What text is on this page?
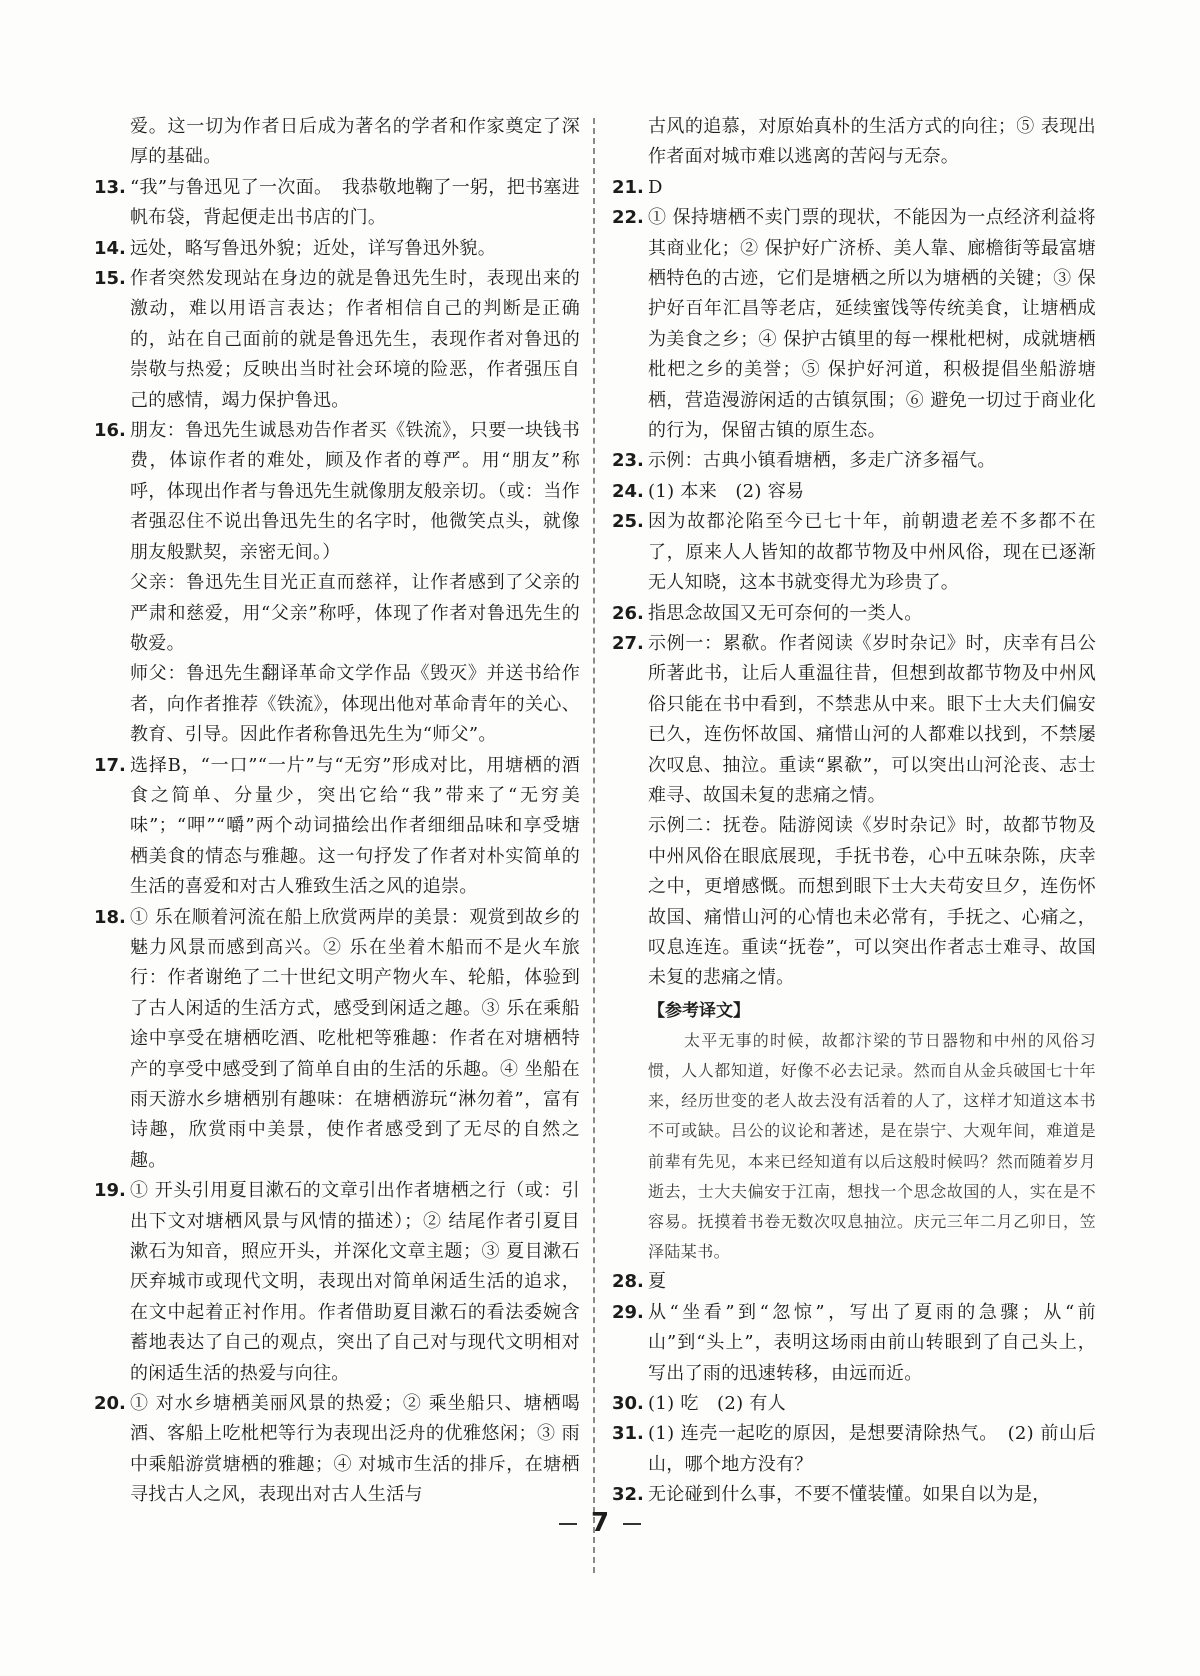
爱。这一切为作者日后成为著名的学者和作家奠定了深厚的基础。

13. “我”与鲁迅见了一次面。　我恭敬地鞠了一躬，把书塞进帆布袋，背起便走出书店的门。
14. 远处，略写鲁迅外貌；近处，详写鲁迅外貌。
15. 作者突然发现站在身边的就是鲁迅先生时，表现出来的激动，难以用语言表达；作者相信自己的判断是正确的，站在自己面前的就是鲁迅先生，表现作者对鲁迅的崇敬与热爱；反映出当时社会环境的险恶，作者强压自己的感情，竭力保护鲁迅。
16. 朋友：鲁迅先生诚恳劝告作者买《铁流》，只要一块钱书费，体谅作者的难处，顾及作者的尊严。用“朋友”称呼，体现出作者与鲁迅先生就像朋友般亲切。（或：当作者强忍住不说出鲁迅先生的名字时，他微笑点头，就像朋友般默契，亲密无间。）
父亲：鲁迅先生目光正直而慈祥，让作者感到了父亲的严肃和慈爱，用“父亲”称呼，体现了作者对鲁迅先生的敬爱。
师父：鲁迅先生翻译革命文学作品《毁灭》并送书给作者，向作者推荐《铁流》，体现出他对革命青年的关心、教育、引导。因此作者称鲁迅先生为“师父”。
17. 选择B，“一口”“一片”与“无穷”形成对比，用塘栖的酒食之简单、分量少，突出它给“我”带来了“无穷美味”；“呷”“嚼”两个动词描绘出作者细细品味和享受塘栖美食的情态与雅趣。这一句抒发了作者对朴实简单的生活的喜爱和对古人雅致生活之风的追崇。
18. ① 乐在顺着河流在船上欣赏两岸的美景：观赏到故乡的魅力风景而感到高兴。② 乐在坐着木船而不是火车旅行：作者谢绝了二十世纪文明产物火车、轮船，体验到了古人闲适的生活方式，感受到闲适之趣。③ 乐在乘船途中享受在塘栖吃酒、吃枇杷等雅趣：作者在对塘栖特产的享受中感受到了简单自由的生活的乐趣。④ 坐船在雨天游水乡塘栖别有趣味：在塘栖游玩“淋勿着”，富有诗趣，欣赏雨中美景，使作者感受到了无尽的自然之趣。
19. ① 开头引用夏目漱石的文章引出作者塘栖之行（或：引出下文对塘栖风景与风情的描述）；② 结尾作者引夏目漱石为知音，照应开头，并深化文章主题；③ 夏目漱石厌弃城市或现代文明，表现出对简单闲适生活的追求，在文中起着正衬作用。作者借助夏目漱石的看法委婉含蓄地表达了自己的观点，突出了自己对与现代文明相对的闲适生活的热爱与向往。
20. ① 对水乡塘栖美丽风景的热爱；② 乘坐船只、塘栖喝酒、客船上吃枇杷等行为表现出泛舟的优雅悠闲；③ 雨中乘船游赏塘栖的雅趣；④ 对城市生活的排斥，在塘栖寻找古人之风，表现出对古人生活与

古风的追慕，对原始真朴的生活方式的向往；⑤ 表现出作者面对城市难以逃离的苦闷与无奈。

21. D
22. ① 保持塘栖不卖门票的现状，不能因为一点经济利益将其商业化；② 保护好广济桥、美人靠、廊檐街等最富塘栖特色的古迹，它们是塘栖之所以为塘栖的关键；③ 保护好百年汇昌等老店，延续蜜饯等传统美食，让塘栖成为美食之乡；④ 保护古镇里的每一棵枇杷树，成就塘栖枇杷之乡的美誉；⑤ 保护好河道，积极提倡坐船游塘栖，营造漫游闲适的古镇氛围；⑥ 避免一切过于商业化的行为，保留古镇的原生态。
23. 示例：古典小镇看塘栖，多走广济多福气。
24. (1) 本来　(2) 容易
25. 因为故都沦陷至今已七十年，前朝遗老差不多都不在了，原来人人皆知的故都节物及中州风俗，现在已逐渐无人知晓，这本书就变得尤为珍贵了。
26. 指思念故国又无可奈何的一类人。
27. 示例一：累欷。作者阅读《岁时杂记》时，庆幸有吕公所著此书，让后人重温往昔，但想到故都节物及中州风俗只能在书中看到，不禁悲从中来。眼下士大夫们偏安已久，连伤怀故国、痛惜山河的人都难以找到，不禁屡次叹息、抽泣。重读“累欷”，可以突出山河沦丧、志士难寻、故国未复的悲痛之情。
示例二：抚卷。陆游阅读《岁时杂记》时，故都节物及中州风俗在眼底展现，手抚书卷，心中五味杂陈，庆幸之中，更增感慨。而想到眼下士大夫苟安旦夕，连伤怀故国、痛惜山河的心情也未必常有，手抚之、心痛之，叹息连连。重读“抚卷”，可以突出作者志士难寻、故国未复的悲痛之情。
【参考译文】
太平无事的时候，故都汴梁的节日器物和中州的风俗习惯，人人都知道，好像不必去记录。然而自从金兵破国七十年来，经历世变的老人故去没有活着的人了，这样才知道这本书不可或缺。吕公的议论和著述，是在崇宁、大观年间，难道是前辈有先见，本来已经知道有以后这般时候吗？然而随着岁月逝去，士大夫偏安于江南，想找一个思念故国的人，实在是不容易。抚摸着书卷无数次叹息抽泣。庆元三年二月乙卯日，笠泽陆某书。
28. 夏
29. 从“坐看”到“忽惊”，写出了夏雨的急骤；从“前山”到“头上”，表明这场雨由前山转眼到了自己头上，写出了雨的迅速转移，由远而近。
30. (1) 吃　(2) 有人
31. (1) 连壳一起吃的原因，是想要清除热气。　(2) 前山后山，哪个地方没有？
32. 无论碰到什么事，不要不懂装懂。如果自以为是，
7
